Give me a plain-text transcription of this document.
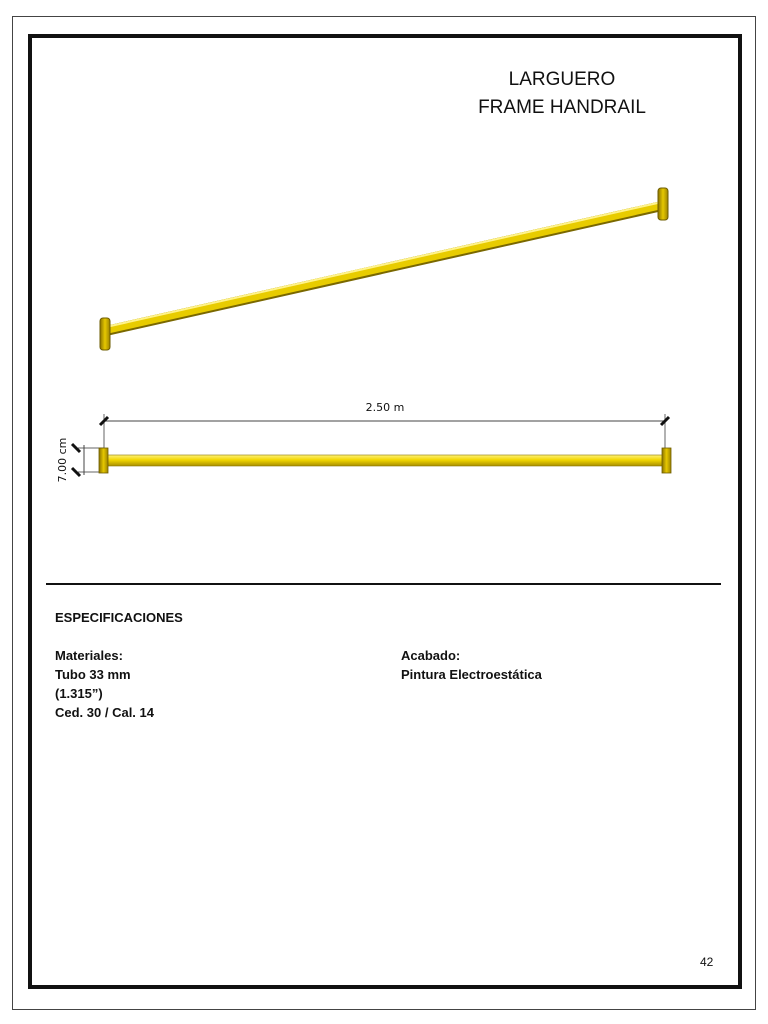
LARGUERO
FRAME HANDRAIL
2.50 m
7.00 cm
ESPECIFICACIONES
Materiales:
Tubo 33 mm
(1.315”)
Ced. 30 / Cal. 14
Acabado:
Pintura Electroestática
42
